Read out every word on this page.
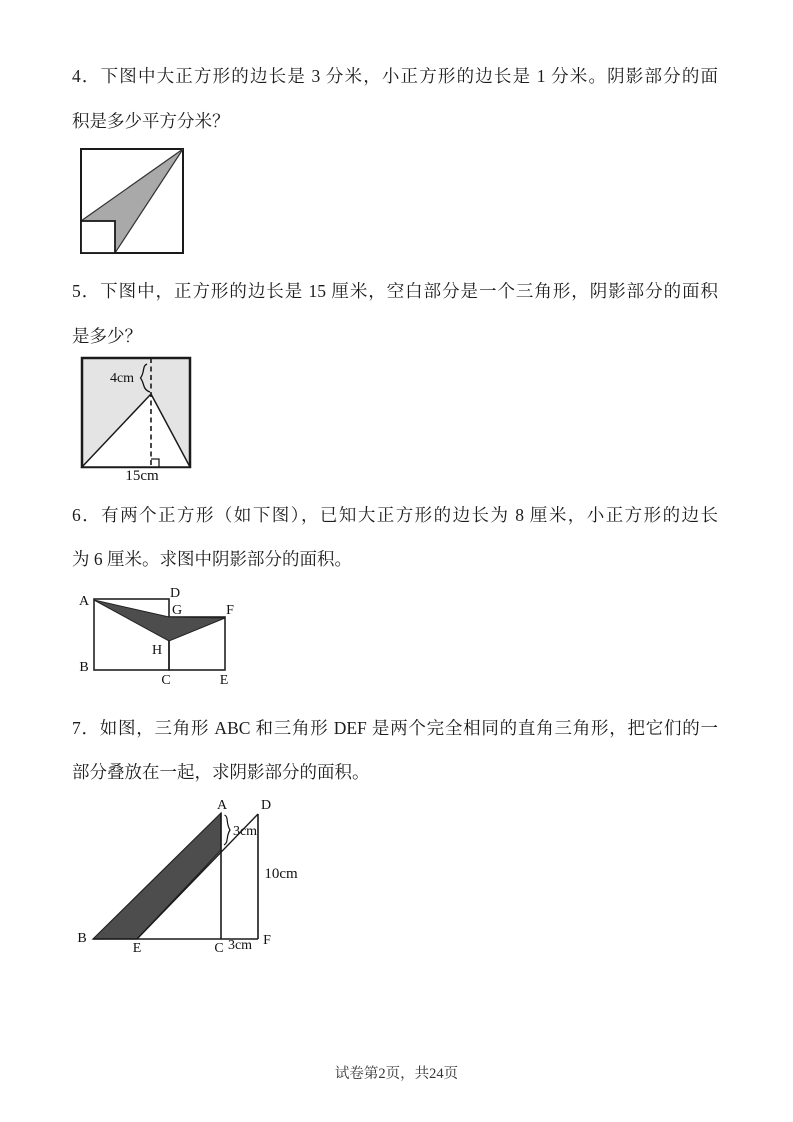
4．下图中大正方形的边长是 3 分米，小正方形的边长是 1 分米。阴影部分的面
积是多少平方分米？
5．下图中，正方形的边长是 15 厘米，空白部分是一个三角形，阴影部分的面积
是多少？
4cm
15cm
6．有两个正方形（如下图），已知大正方形的边长为 8 厘米，小正方形的边长
为 6 厘米。求图中阴影部分的面积。
A
D
G	F
H
B
C	E
7．如图，三角形 ABC 和三角形 DEF 是两个完全相同的直角三角形，把它们的一
部分叠放在一起，求阴影部分的面积。
3cm
10cm
3cm
A D
B
E	C
F
试卷第2页，共24页
